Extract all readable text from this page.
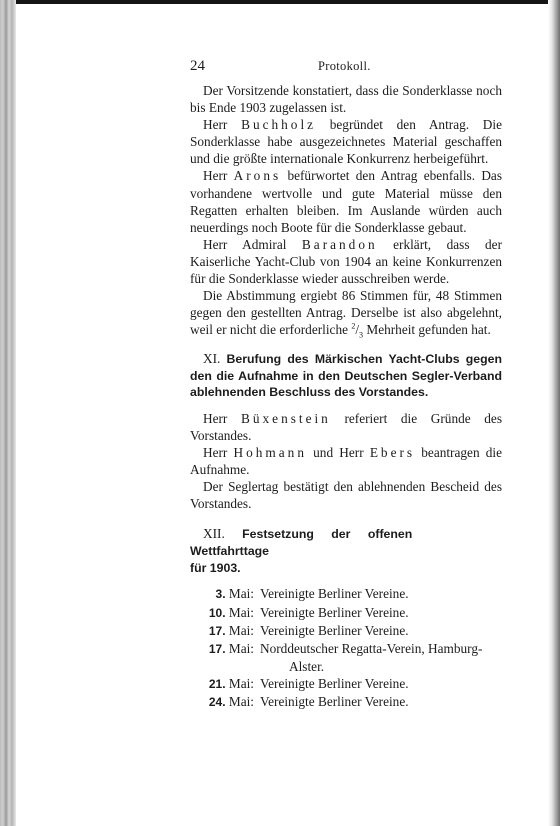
24	Protokoll.

Der Vorsitzende konstatiert, dass die Sonderklasse noch bis Ende 1903 zugelassen ist.

Herr Buchholz begründet den Antrag. Die Sonderklasse habe ausgezeichnetes Material geschaffen und die größte internationale Konkurrenz herbeigeführt.

Herr Arons befürwortet den Antrag ebenfalls. Das vorhandene wertvolle und gute Material müsse den Regatten erhalten bleiben. Im Auslande würden auch neuerdings noch Boote für die Sonderklasse gebaut.

Herr Admiral Barandon erklärt, dass der Kaiserliche Yacht-Club von 1904 an keine Konkurrenzen für die Sonderklasse wieder ausschreiben werde.

Die Abstimmung ergiebt 86 Stimmen für, 48 Stimmen gegen den gestellten Antrag. Derselbe ist also abgelehnt, weil er nicht die erforderliche $^2/_3$ Mehrheit gefunden hat.

XI. Berufung des Märkischen Yacht-Clubs gegen den die Aufnahme in den Deutschen Segler-Verband ablehnenden Beschluss des Vorstandes.

Herr Büxenstein referiert die Gründe des Vorstandes.

Herr Hohmann und Herr Ebers beantragen die Aufnahme.

Der Seglertag bestätigt den ablehnenden Bescheid des Vorstandes.

XII. Festsetzung der offenen Wettfahrttage

für 1903.

3. Mai: Vereinigte Berliner Vereine.
10. Mai: Vereinigte Berliner Vereine.
17. Mai: Vereinigte Berliner Vereine.
17. Mai: Norddeutscher Regatta-Verein, Hamburg-
Alster.
21. Mai: Vereinigte Berliner Vereine.
24. Mai: Vereinigte Berliner Vereine.
